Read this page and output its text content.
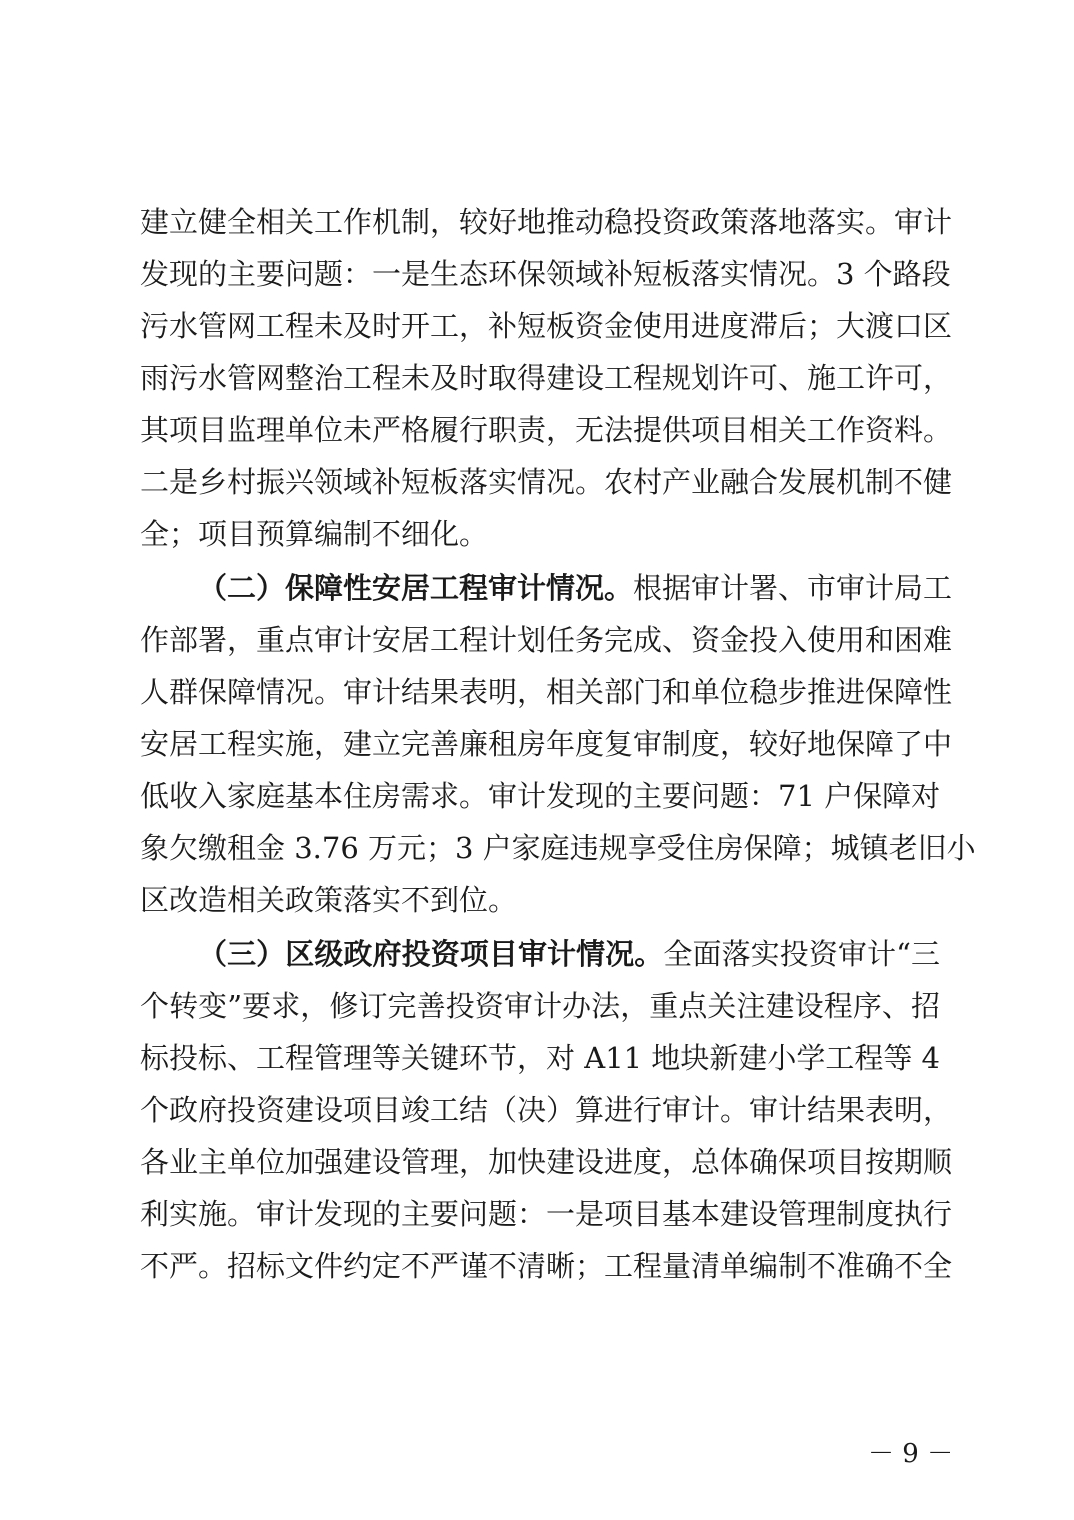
建立健全相关工作机制，较好地推动稳投资政策落地落实。审计
发现的主要问题：一是生态环保领域补短板落实情况。3 个路段
污水管网工程未及时开工，补短板资金使用进度滞后；大渡口区
雨污水管网整治工程未及时取得建设工程规划许可、施工许可，
其项目监理单位未严格履行职责，无法提供项目相关工作资料。
二是乡村振兴领域补短板落实情况。农村产业融合发展机制不健
全；项目预算编制不细化。
（二）保障性安居工程审计情况。根据审计署、市审计局工
作部署，重点审计安居工程计划任务完成、资金投入使用和困难
人群保障情况。审计结果表明，相关部门和单位稳步推进保障性
安居工程实施，建立完善廉租房年度复审制度，较好地保障了中
低收入家庭基本住房需求。审计发现的主要问题：71 户保障对
象欠缴租金 3.76 万元；3 户家庭违规享受住房保障；城镇老旧小
区改造相关政策落实不到位。
（三）区级政府投资项目审计情况。全面落实投资审计“三
个转变”要求，修订完善投资审计办法，重点关注建设程序、招
标投标、工程管理等关键环节，对 A11 地块新建小学工程等 4
个政府投资建设项目竣工结（决）算进行审计。审计结果表明，
各业主单位加强建设管理，加快建设进度，总体确保项目按期顺
利实施。审计发现的主要问题：一是项目基本建设管理制度执行
不严。招标文件约定不严谨不清晰；工程量清单编制不准确不全
－ 9 －
